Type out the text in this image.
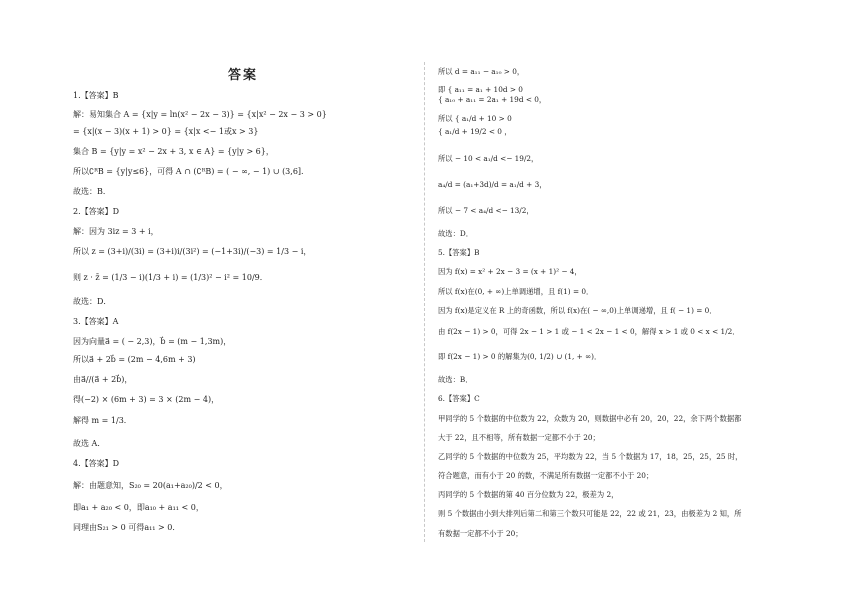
答案
1.【答案】B
解：易知集合 A = {x|y = ln(x² − 2x − 3)} = {x|x² − 2x − 3 > 0}
= {x|(x − 3)(x + 1) > 0} = {x|x <− 1或x > 3}
集合 B = {y|y = x² − 2x + 3, x ∈ A} = {y|y > 6}，
所以∁ᴿB = {y|y≤6}，可得 A ∩ (∁ᴿB) = ( − ∞, − 1) ∪ (3,6].
故选：B．
2.【答案】D
解：因为 3iz = 3 + i，
所以 z = (3+i)/(3i) = (3+i)i/(3i²) = (−1+3i)/(−3) = 1/3 − i，
则 z · z̄ = (1/3 − i)(1/3 + i) = (1/3)² − i² = 10/9．
故选：D．
3.【答案】A
因为向量a⃗ = ( − 2,3)，b⃗ = (m − 1,3m)，
所以a⃗ + 2b⃗ = (2m − 4,6m + 3)
由a⃗//(a⃗ + 2b⃗)，
得(−2) × (6m + 3) = 3 × (2m − 4)，
解得 m = 1/3．
故选 A．
4.【答案】D
解：由题意知，S₂₀ = 20(a₁+a₂₀)/2 < 0，
即a₁ + a₂₀ < 0，即a₁₀ + a₁₁ < 0，
同理由S₂₁ > 0 可得a₁₁ > 0．
所以 d = a₁₁ − a₁₀ > 0，
即 { a₁₁ = a₁ + 10d > 0
{ a₁₀ + a₁₁ = 2a₁ + 19d < 0，
所以 { a₁/d + 10 > 0
{ a₁/d + 19/2 < 0 ，
所以 − 10 < a₁/d <− 19/2，
a₄/d = (a₁+3d)/d = a₁/d + 3，
所以 − 7 < a₄/d <− 13/2，
故选：D．
5.【答案】B
因为 f(x) = x² + 2x − 3 = (x + 1)² − 4，
所以 f(x)在(0, + ∞)上单调递增，且 f(1) = 0．
因为 f(x)是定义在 R 上的奇函数，所以 f(x)在( − ∞,0)上单调递增，且 f( − 1) = 0．
由 f(2x − 1) > 0，可得 2x − 1 > 1 或 − 1 < 2x − 1 < 0，解得 x > 1 或 0 < x < 1/2．
即 f(2x − 1) > 0 的解集为(0, 1/2) ∪ (1, + ∞)．
故选：B．
6.【答案】C
甲同学的 5 个数据的中位数为 22，众数为 20，则数据中必有 20，20，22，余下两个数据都
大于 22，且不相等，所有数据一定都不小于 20；
乙同学的 5 个数据的中位数为 25，平均数为 22，当 5 个数据为 17，18，25，25，25 时，
符合题意，而有小于 20 的数，不满足所有数据一定都不小于 20；
丙同学的 5 个数据的第 40 百分位数为 22，极差为 2，
则 5 个数据由小到大排列后第二和第三个数只可能是 22，22 或 21，23，由极差为 2 知，所
有数据一定都不小于 20；
